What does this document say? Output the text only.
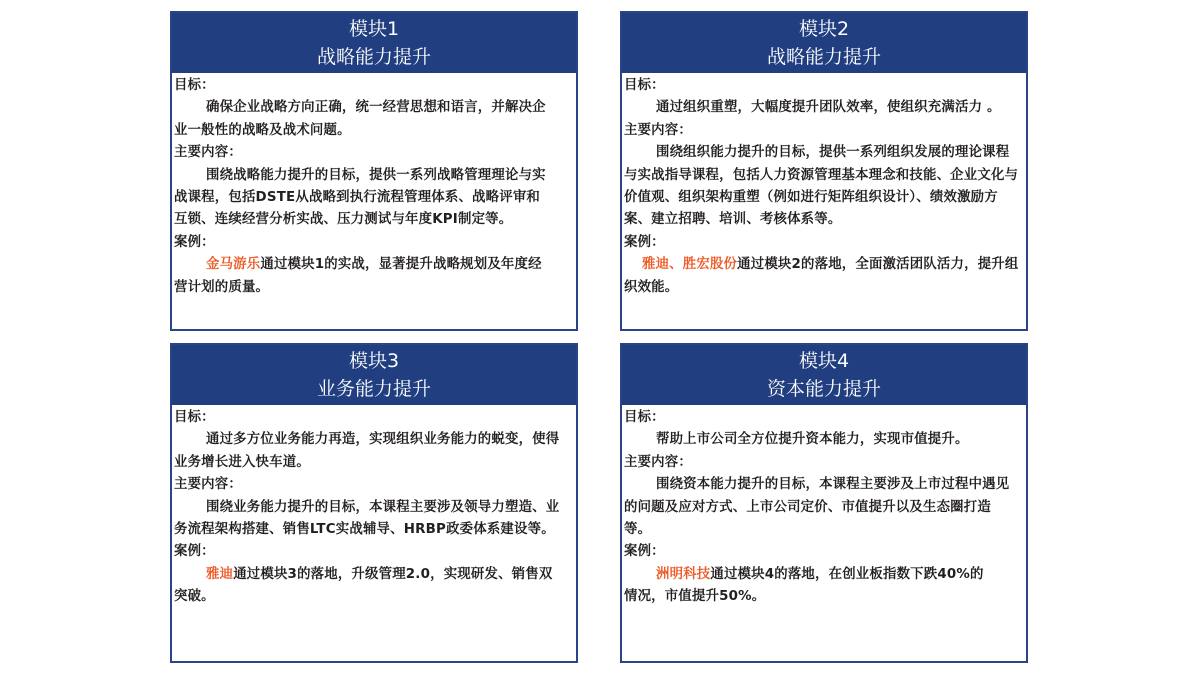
模块1
战略能力提升
目标：
确保企业战略方向正确，统一经营思想和语言，并解决企业一般性的战略及战术问题。
主要内容：
围绕战略能力提升的目标，提供一系列战略管理理论与实战课程，包括DSTE从战略到执行流程管理体系、战略评审和互锁、连续经营分析实战、压力测试与年度KPI制定等。
案例：
金马游乐通过模块1的实战，显著提升战略规划及年度经营计划的质量。
模块2
战略能力提升
目标：
通过组织重塑，大幅度提升团队效率，使组织充满活力 。
主要内容：
围绕组织能力提升的目标，提供一系列组织发展的理论课程与实战指导课程，包括人力资源管理基本理念和技能、企业文化与价值观、组织架构重塑（例如进行矩阵组织设计）、绩效激励方案、建立招聘、培训、考核体系等。
案例：
雅迪、胜宏股份通过模块2的落地，全面激活团队活力，提升组织效能。
模块3
业务能力提升
目标：
通过多方位业务能力再造，实现组织业务能力的蜕变，使得业务增长进入快车道。
主要内容：
围绕业务能力提升的目标，本课程主要涉及领导力塑造、业务流程架构搭建、销售LTC实战辅导、HRBP政委体系建设等。
案例：
雅迪通过模块3的落地，升级管理2.0，实现研发、销售双突破。
模块4
资本能力提升
目标：
帮助上市公司全方位提升资本能力，实现市值提升。
主要内容：
围绕资本能力提升的目标，本课程主要涉及上市过程中遇见的问题及应对方式、上市公司定价、市值提升以及生态圈打造等。
案例：
洲明科技通过模块4的落地，在创业板指数下跌40%的情况，市值提升50%。
